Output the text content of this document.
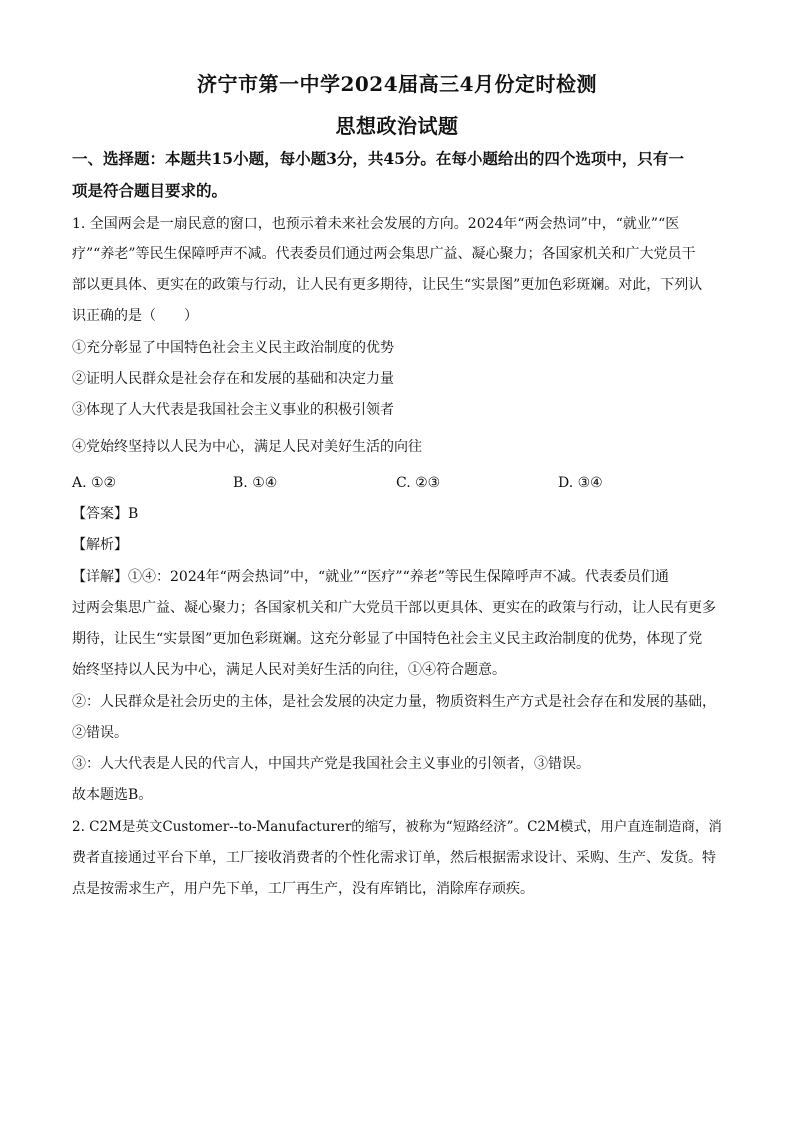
济宁市第一中学2024届高三4月份定时检测
思想政治试题
一、选择题：本题共15小题，每小题3分，共45分。在每小题给出的四个选项中，只有一
项是符合题目要求的。
1. 全国两会是一扇民意的窗口，也预示着未来社会发展的方向。2024年“两会热词”中，“就业”“医
疗”“养老”等民生保障呼声不减。代表委员们通过两会集思广益、凝心聚力；各国家机关和广大党员干
部以更具体、更实在的政策与行动，让人民有更多期待，让民生“实景图”更加色彩斑斓。对此，下列认
识正确的是（　　）
①充分彰显了中国特色社会主义民主政治制度的优势
②证明人民群众是社会存在和发展的基础和决定力量
③体现了人大代表是我国社会主义事业的积极引领者
④党始终坚持以人民为中心，满足人民对美好生活的向往
A. ①②	B. ①④	C. ②③	D. ③④
【答案】B
【解析】
【详解】①④：2024年“两会热词”中，“就业”“医疗”“养老”等民生保障呼声不减。代表委员们通
过两会集思广益、凝心聚力；各国家机关和广大党员干部以更具体、更实在的政策与行动，让人民有更多
期待，让民生“实景图”更加色彩斑斓。这充分彰显了中国特色社会主义民主政治制度的优势，体现了党
始终坚持以人民为中心，满足人民对美好生活的向往，①④符合题意。
②：人民群众是社会历史的主体，是社会发展的决定力量，物质资料生产方式是社会存在和发展的基础，
②错误。
③：人大代表是人民的代言人，中国共产党是我国社会主义事业的引领者，③错误。
故本题选B。
2. C2M是英文Customer--to-Manufacturer的缩写，被称为“短路经济”。C2M模式，用户直连制造商，消
费者直接通过平台下单，工厂接收消费者的个性化需求订单，然后根据需求设计、采购、生产、发货。特
点是按需求生产，用户先下单，工厂再生产，没有库销比，消除库存顽疾。
